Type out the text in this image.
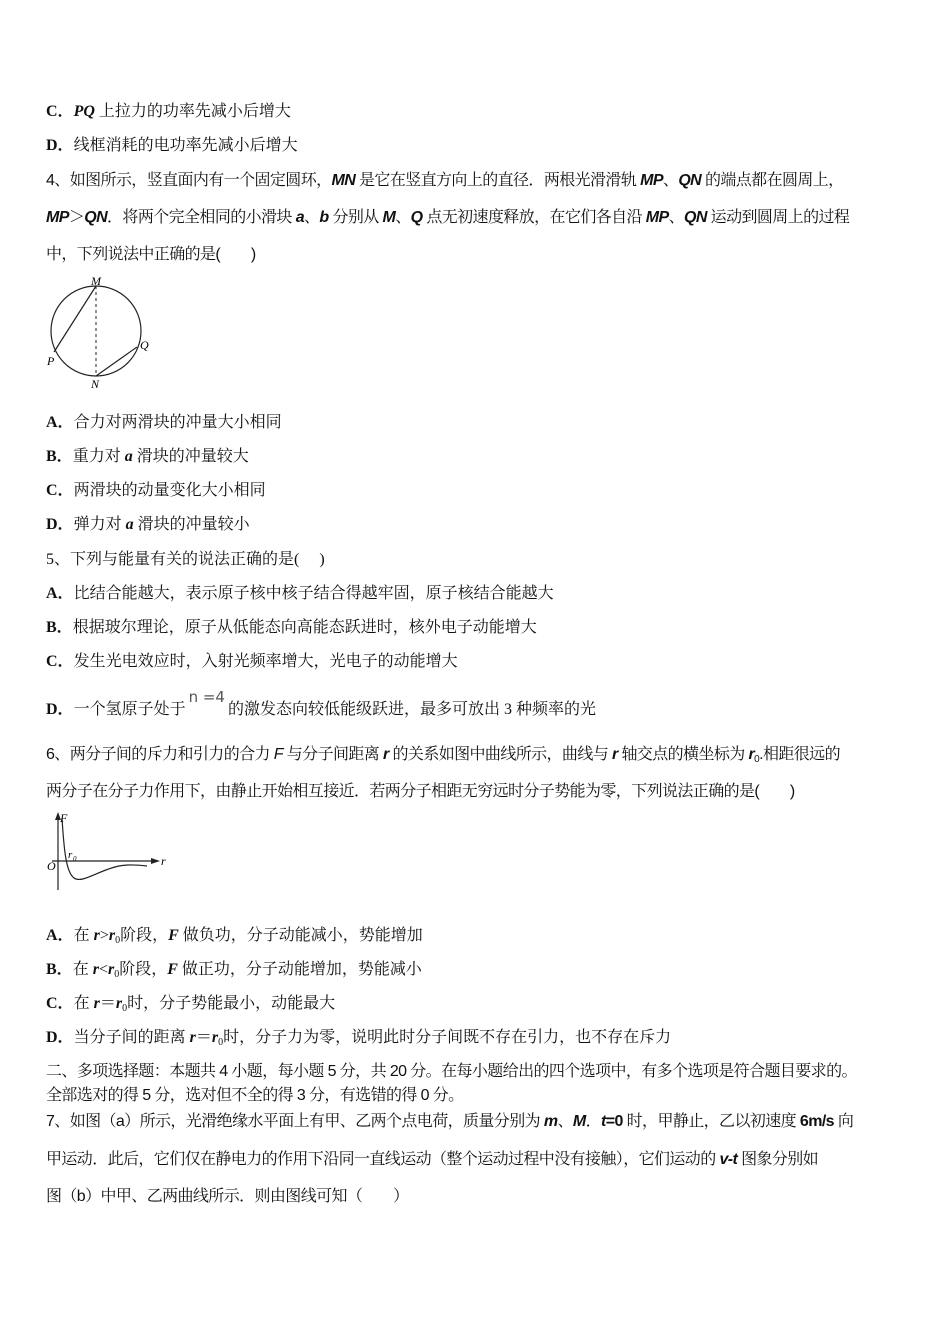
C．PQ 上拉力的功率先减小后增大
D．线框消耗的电功率先减小后增大
4、如图所示，竖直面内有一个固定圆环，MN 是它在竖直方向上的直径．两根光滑滑轨 MP、QN 的端点都在圆周上，
MP＞QN．将两个完全相同的小滑块 a、b 分别从 M、Q 点无初速度释放，在它们各自沿 MP、QN 运动到圆周上的过程
中，下列说法中正确的是(　　)
M
N
P
Q
A．合力对两滑块的冲量大小相同
B．重力对 a 滑块的冲量较大
C．两滑块的动量变化大小相同
D．弹力对 a 滑块的冲量较小
5、下列与能量有关的说法正确的是(　 )
A．比结合能越大，表示原子核中核子结合得越牢固，原子核结合能越大
B．根据玻尔理论，原子从低能态向高能态跃进时，核外电子动能增大
C．发生光电效应时，入射光频率增大，光电子的动能增大
D．一个氢原子处于n =4的激发态向较低能级跃进，最多可放出 3 种频率的光
6、两分子间的斥力和引力的合力 F 与分子间距离 r 的关系如图中曲线所示，曲线与 r 轴交点的横坐标为 $r_0$.相距很远的
两分子在分子力作用下，由静止开始相互接近．若两分子相距无穷远时分子势能为零，下列说法正确的是(　　)
F
r
O
r 0
A．在 $r>r_0$阶段，F 做负功，分子动能减小，势能增加
B．在 $r<r_0$阶段，F 做正功，分子动能增加，势能减小
C．在 $r=r_0$时，分子势能最小，动能最大
D．当分子间的距离 $r=r_0$时，分子力为零，说明此时分子间既不存在引力，也不存在斥力
二、多项选择题：本题共 4 小题，每小题 5 分，共 20 分。在每小题给出的四个选项中，有多个选项是符合题目要求的。
全部选对的得 5 分，选对但不全的得 3 分，有选错的得 0 分。
7、如图（a）所示，光滑绝缘水平面上有甲、乙两个点电荷，质量分别为 m、M．t=0 时，甲静止，乙以初速度 6m/s 向
甲运动．此后，它们仅在静电力的作用下沿同一直线运动（整个运动过程中没有接触），它们运动的 v-t 图象分别如
图（b）中甲、乙两曲线所示．则由图线可知（　　）
